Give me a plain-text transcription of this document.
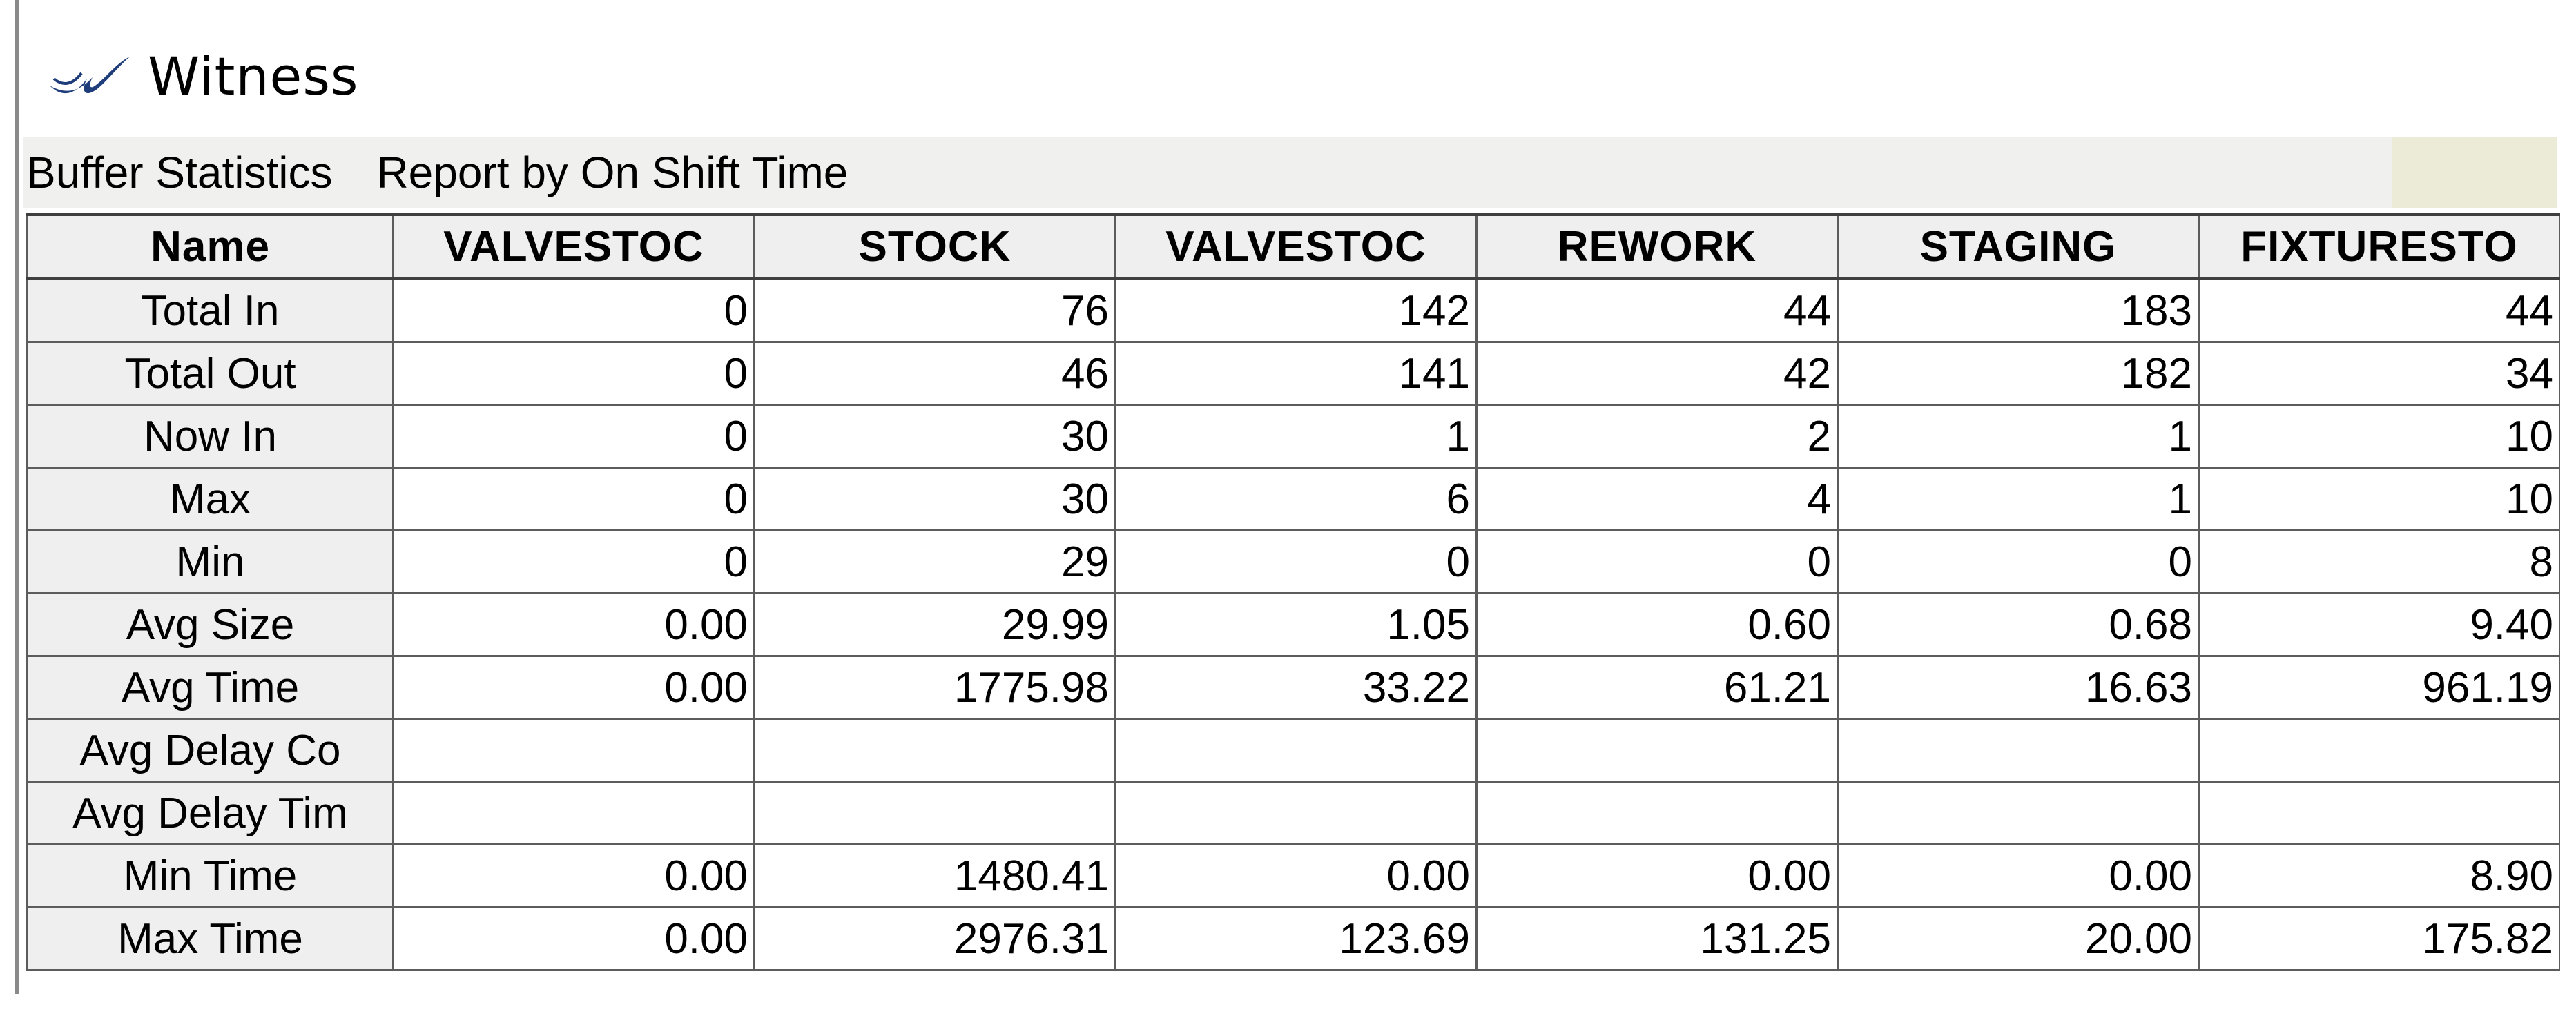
Witness
Buffer Statistics Report by On Shift Time
Name	VALVESTOC	STOCK	VALVESTOC	REWORK	STAGING	FIXTURESTO
Total In	0	76	142	44	183	44
Total Out	0	46	141	42	182	34
Now In	0	30	1	2	1	10
Max	0	30	6	4	1	10
Min	0	29	0	0	0	8
Avg Size	0.00	29.99	1.05	0.60	0.68	9.40
Avg Time	0.00	1775.98	33.22	61.21	16.63	961.19
Avg Delay Co						
Avg Delay Tim						
Min Time	0.00	1480.41	0.00	0.00	0.00	8.90
Max Time	0.00	2976.31	123.69	131.25	20.00	175.82
